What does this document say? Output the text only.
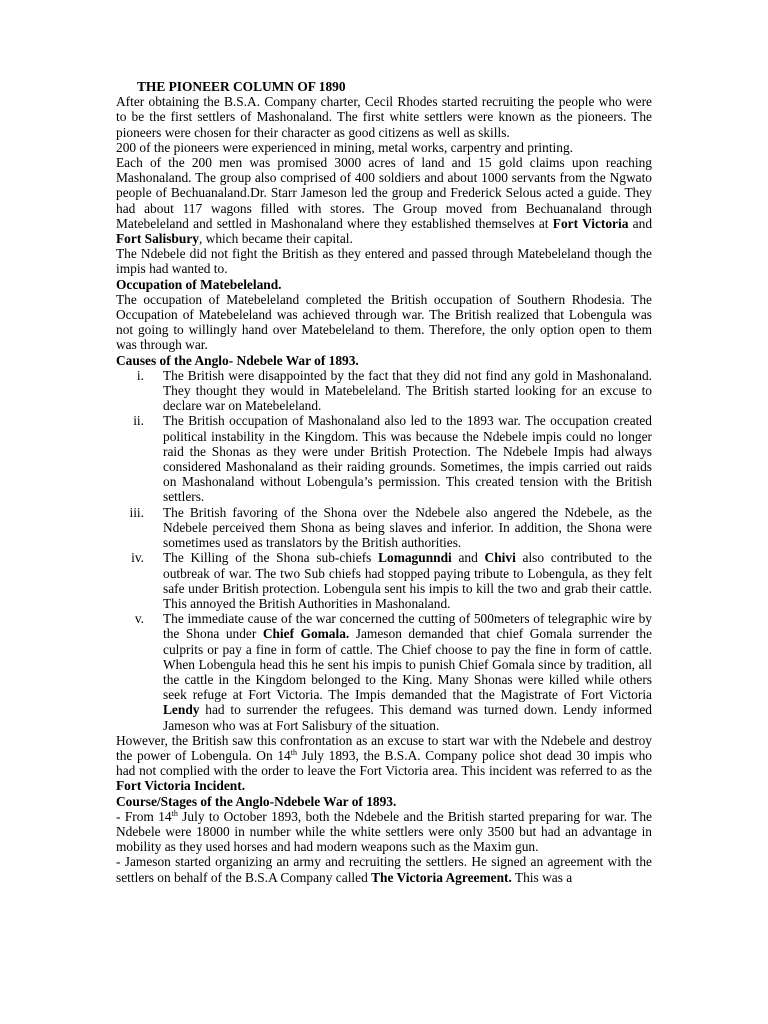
THE PIONEER COLUMN OF 1890

After obtaining the B.S.A. Company charter, Cecil Rhodes started recruiting the people who were to be the first settlers of Mashonaland. The first white settlers were known as the pioneers. The pioneers were chosen for their character as good citizens as well as skills.

200 of the pioneers were experienced in mining, metal works, carpentry and printing.

Each of the 200 men was promised 3000 acres of land and 15 gold claims upon reaching Mashonaland. The group also comprised of 400 soldiers and about 1000 servants from the Ngwato people of Bechuanaland.Dr. Starr Jameson led the group and Frederick Selous acted a guide. They had about 117 wagons filled with stores. The Group moved from Bechuanaland through Matebeleland and settled in Mashonaland where they established themselves at Fort Victoria and Fort Salisbury, which became their capital.

The Ndebele did not fight the British as they entered and passed through Matebeleland though the impis had wanted to.

Occupation of Matebeleland.

The occupation of Matebeleland completed the British occupation of Southern Rhodesia. The Occupation of Matebeleland was achieved through war. The British realized that Lobengula was not going to willingly hand over Matebeleland to them. Therefore, the only option open to them was through war.

Causes of the Anglo- Ndebele War of 1893.

i. The British were disappointed by the fact that they did not find any gold in Mashonaland. They thought they would in Matebeleland. The British started looking for an excuse to declare war on Matebeleland.
ii. The British occupation of Mashonaland also led to the 1893 war. The occupation created political instability in the Kingdom. This was because the Ndebele impis could no longer raid the Shonas as they were under British Protection. The Ndebele Impis had always considered Mashonaland as their raiding grounds. Sometimes, the impis carried out raids on Mashonaland without Lobengula’s permission. This created tension with the British settlers.
iii. The British favoring of the Shona over the Ndebele also angered the Ndebele, as the Ndebele perceived them Shona as being slaves and inferior. In addition, the Shona were sometimes used as translators by the British authorities.
iv. The Killing of the Shona sub-chiefs Lomagunndi and Chivi also contributed to the outbreak of war. The two Sub chiefs had stopped paying tribute to Lobengula, as they felt safe under British protection. Lobengula sent his impis to kill the two and grab their cattle. This annoyed the British Authorities in Mashonaland.
v. The immediate cause of the war concerned the cutting of 500meters of telegraphic wire by the Shona under Chief Gomala. Jameson demanded that chief Gomala surrender the culprits or pay a fine in form of cattle. The Chief choose to pay the fine in form of cattle. When Lobengula head this he sent his impis to punish Chief Gomala since by tradition, all the cattle in the Kingdom belonged to the King. Many Shonas were killed while others seek refuge at Fort Victoria. The Impis demanded that the Magistrate of Fort Victoria Lendy had to surrender the refugees. This demand was turned down. Lendy informed Jameson who was at Fort Salisbury of the situation.

However, the British saw this confrontation as an excuse to start war with the Ndebele and destroy the power of Lobengula. On 14th July 1893, the B.S.A. Company police shot dead 30 impis who had not complied with the order to leave the Fort Victoria area. This incident was referred to as the Fort Victoria Incident.

Course/Stages of the Anglo-Ndebele War of 1893.

- From 14th July to October 1893, both the Ndebele and the British started preparing for war. The Ndebele were 18000 in number while the white settlers were only 3500 but had an advantage in mobility as they used horses and had modern weapons such as the Maxim gun.

- Jameson started organizing an army and recruiting the settlers. He signed an agreement with the settlers on behalf of the B.S.A Company called The Victoria Agreement. This was a
